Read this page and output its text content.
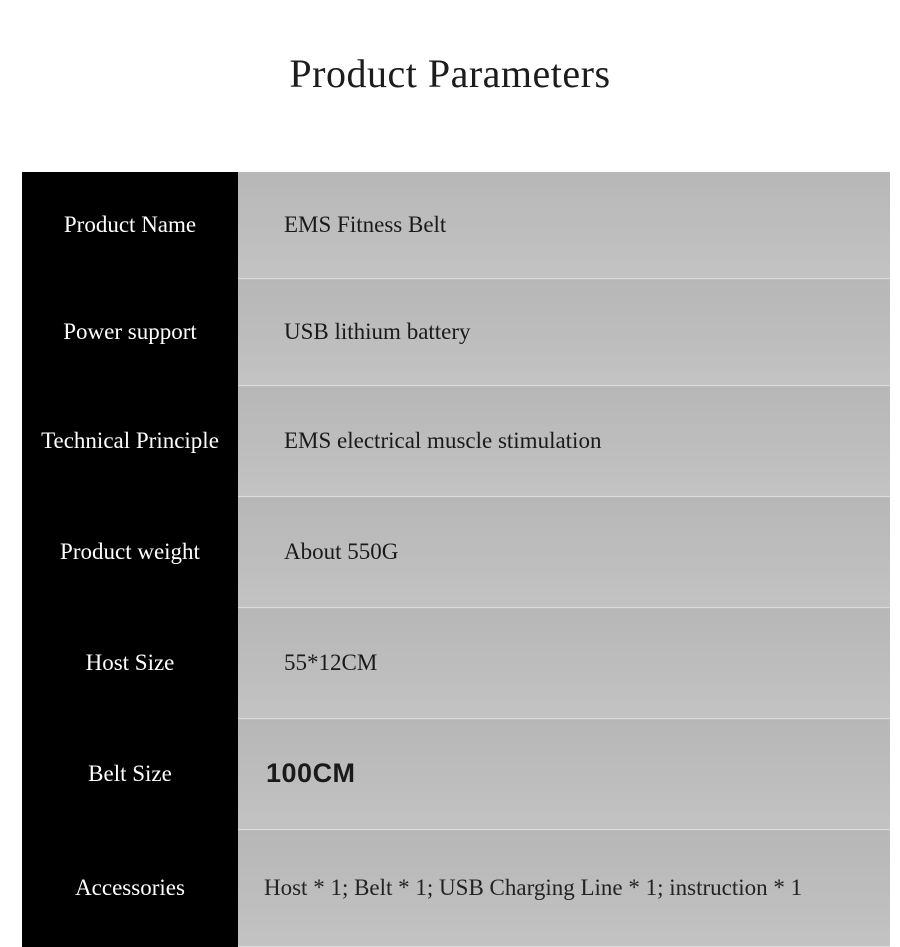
Product Parameters
Product Name	EMS Fitness Belt
Power support	USB lithium battery
Technical Principle	EMS electrical muscle stimulation
Product weight	About 550G
Host Size	55*12CM
Belt Size	100CM
Accessories	Host * 1; Belt * 1; USB Charging Line * 1; instruction * 1
